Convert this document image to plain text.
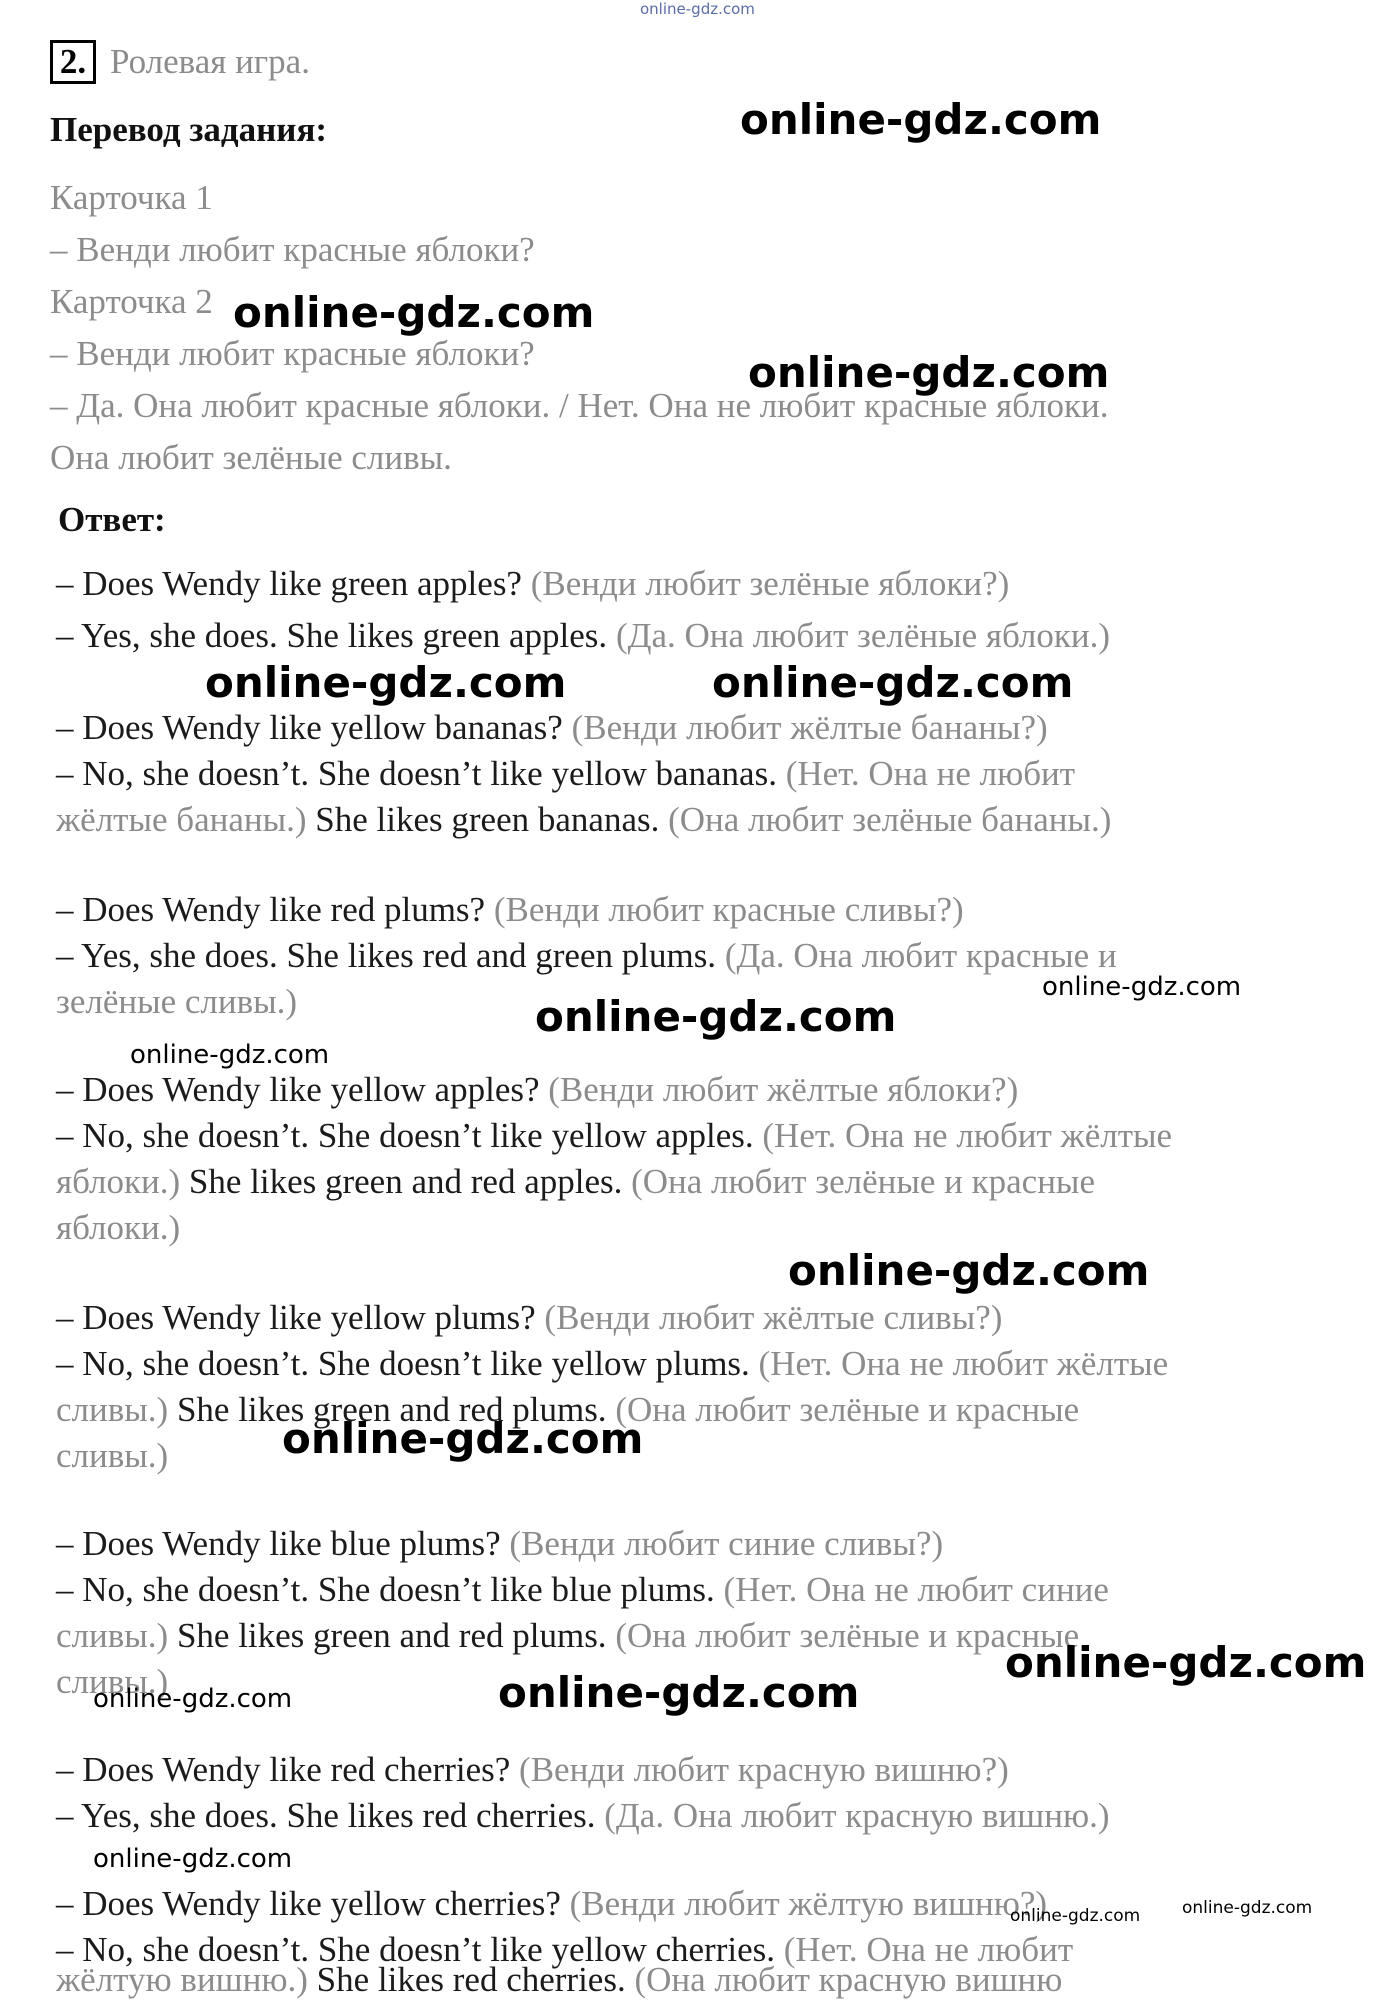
online-gdz.com
2. Ролевая игра.
Перевод задания:
Карточка 1
– Венди любит красные яблоки?
Карточка 2
– Венди любит красные яблоки?
– Да. Она любит красные яблоки. / Нет. Она не любит красные яблоки.
Она любит зелёные сливы.
Ответ:
– Does Wendy like green apples? (Венди любит зелёные яблоки?)
– Yes, she does. She likes green apples. (Да. Она любит зелёные яблоки.)
– Does Wendy like yellow bananas? (Венди любит жёлтые бананы?)
– No, she doesn’t. She doesn’t like yellow bananas. (Нет. Она не любит
жёлтые бананы.) She likes green bananas. (Она любит зелёные бананы.)
– Does Wendy like red plums? (Венди любит красные сливы?)
– Yes, she does. She likes red and green plums. (Да. Она любит красные и
зелёные сливы.)
– Does Wendy like yellow apples? (Венди любит жёлтые яблоки?)
– No, she doesn’t. She doesn’t like yellow apples. (Нет. Она не любит жёлтые
яблоки.) She likes green and red apples. (Она любит зелёные и красные
яблоки.)
– Does Wendy like yellow plums? (Венди любит жёлтые сливы?)
– No, she doesn’t. She doesn’t like yellow plums. (Нет. Она не любит жёлтые
сливы.) She likes green and red plums. (Она любит зелёные и красные
сливы.)
– Does Wendy like blue plums? (Венди любит синие сливы?)
– No, she doesn’t. She doesn’t like blue plums. (Нет. Она не любит синие
сливы.) She likes green and red plums. (Она любит зелёные и красные
сливы.)
– Does Wendy like red cherries? (Венди любит красную вишню?)
– Yes, she does. She likes red cherries. (Да. Она любит красную вишню.)
– Does Wendy like yellow cherries? (Венди любит жёлтую вишню?)
– No, she doesn’t. She doesn’t like yellow cherries. (Нет. Она не любит
жёлтую вишню.) She likes red cherries. (Она любит красную вишню
online-gdz.com
online-gdz.com
online-gdz.com
online-gdz.com	online-gdz.com
online-gdz.com
online-gdz.com
online-gdz.com
online-gdz.com
online-gdz.com
online-gdz.com
online-gdz.com	online-gdz.com
online-gdz.com
online-gdz.com online-gdz.com
